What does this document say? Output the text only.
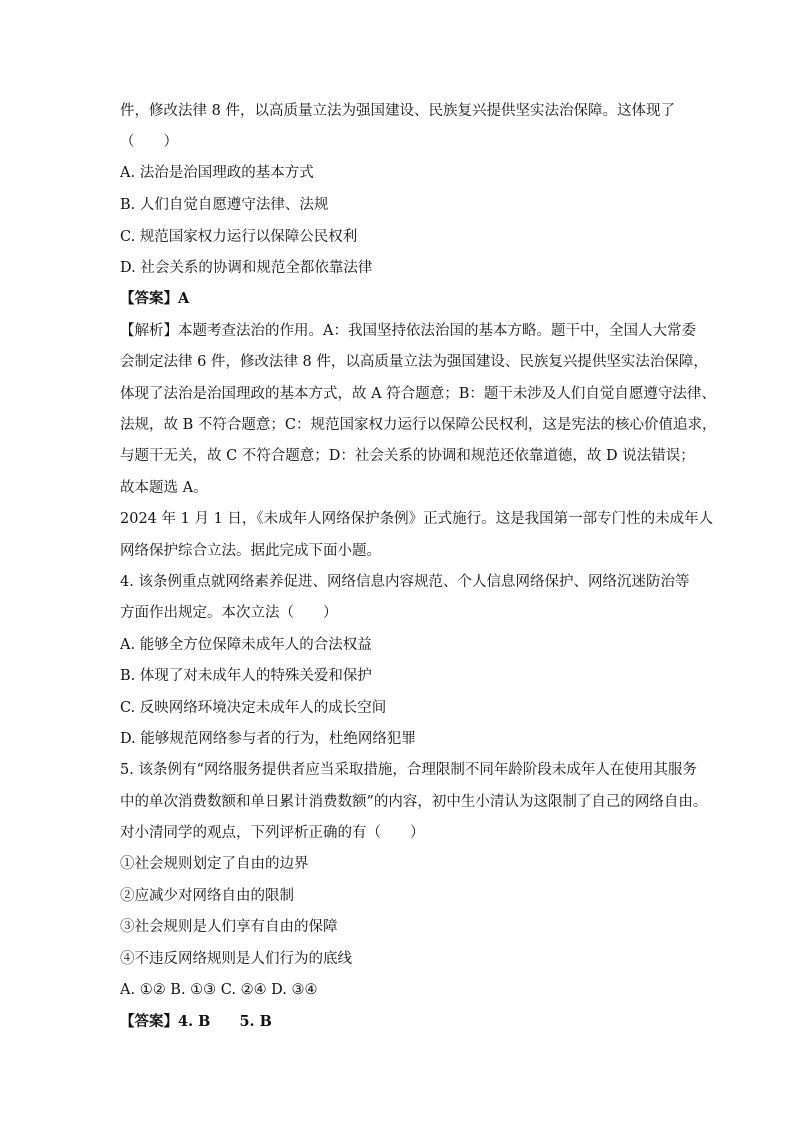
件，修改法律 8 件，以高质量立法为强国建设、民族复兴提供坚实法治保障。这体现了
（　　）
A. 法治是治国理政的基本方式
B. 人们自觉自愿遵守法律、法规
C. 规范国家权力运行以保障公民权利
D. 社会关系的协调和规范全都依靠法律
【答案】A
【解析】本题考查法治的作用。A：我国坚持依法治国的基本方略。题干中，全国人大常委
会制定法律 6 件，修改法律 8 件，以高质量立法为强国建设、民族复兴提供坚实法治保障，
体现了法治是治国理政的基本方式，故 A 符合题意；B：题干未涉及人们自觉自愿遵守法律、
法规，故 B 不符合题意；C：规范国家权力运行以保障公民权利，这是宪法的核心价值追求，
与题干无关，故 C 不符合题意；D：社会关系的协调和规范还依靠道德，故 D 说法错误；
故本题选 A。
2024 年 1 月 1 日，《未成年人网络保护条例》正式施行。这是我国第一部专门性的未成年人
网络保护综合立法。据此完成下面小题。
4. 该条例重点就网络素养促进、网络信息内容规范、个人信息网络保护、网络沉迷防治等
方面作出规定。本次立法（　　）
A. 能够全方位保障未成年人的合法权益
B. 体现了对未成年人的特殊关爱和保护
C. 反映网络环境决定未成年人的成长空间
D. 能够规范网络参与者的行为，杜绝网络犯罪
5. 该条例有“网络服务提供者应当采取措施，合理限制不同年龄阶段未成年人在使用其服务
中的单次消费数额和单日累计消费数额”的内容，初中生小清认为这限制了自己的网络自由。
对小清同学的观点，下列评析正确的有（　　）
①社会规则划定了自由的边界
②应减少对网络自由的限制
③社会规则是人们享有自由的保障
④不违反网络规则是人们行为的底线
A. ①② B. ①③ C. ②④ D. ③④
【答案】4. B　　5. B
